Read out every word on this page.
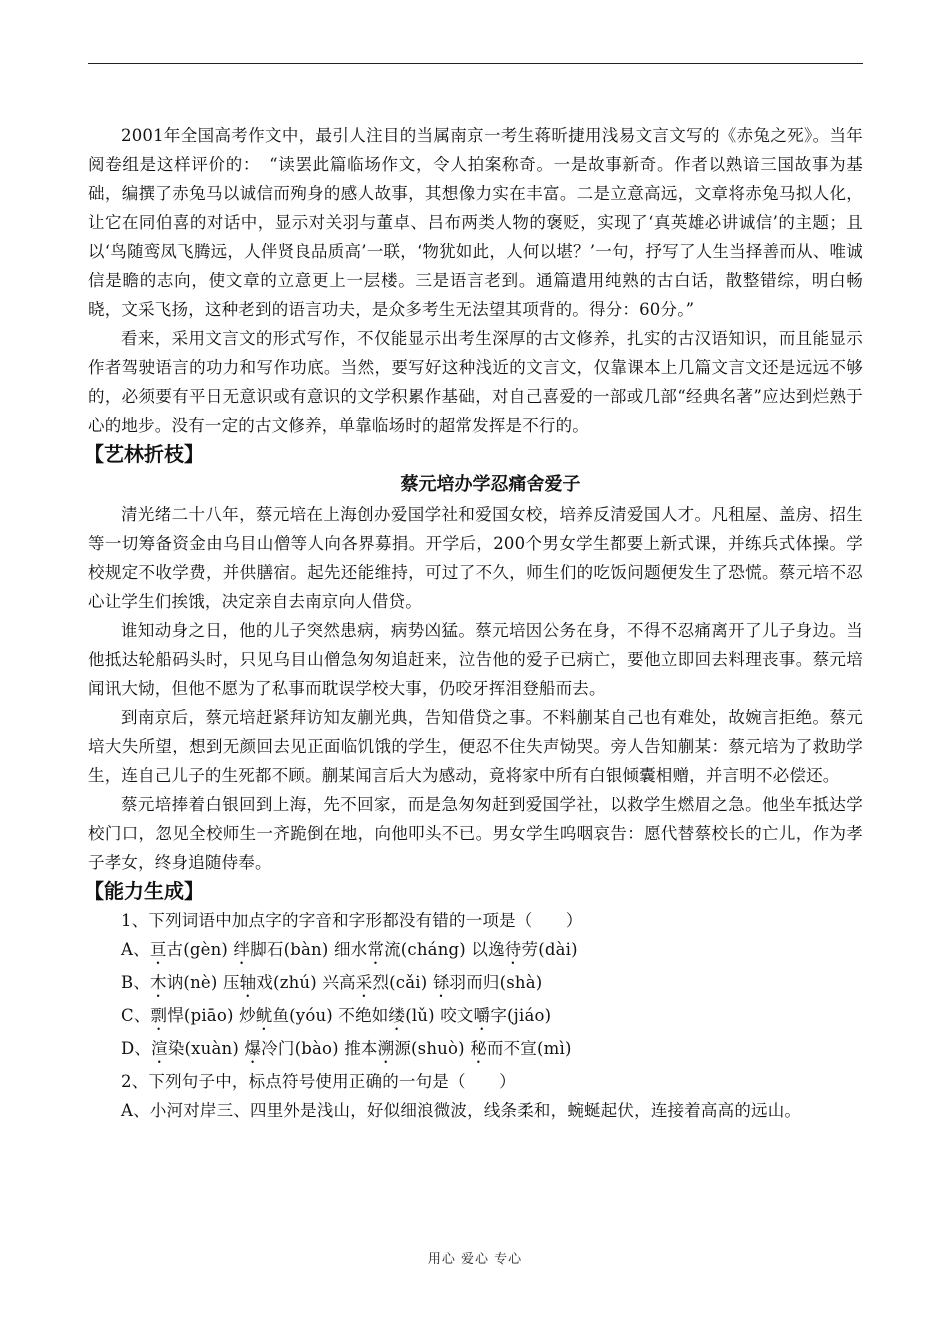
2001年全国高考作文中，最引人注目的当属南京一考生蒋昕捷用浅易文言文写的《赤兔之死》。当年阅卷组是这样评价的：　“读罢此篇临场作文，令人拍案称奇。一是故事新奇。作者以熟谙三国故事为基础，编撰了赤兔马以诚信而殉身的感人故事，其想像力实在丰富。二是立意高远，文章将赤兔马拟人化，让它在同伯喜的对话中，显示对关羽与董卓、吕布两类人物的褒贬，实现了‘真英雄必讲诚信’的主题；且以‘鸟随鸾凤飞腾远，人伴贤良品质高’一联，‘物犹如此，人何以堪？’一句，抒写了人生当择善而从、唯诚信是瞻的志向，使文章的立意更上一层楼。三是语言老到。通篇遣用纯熟的古白话，散整错综，明白畅晓，文采飞扬，这种老到的语言功夫，是众多考生无法望其项背的。得分：60分。”

看来，采用文言文的形式写作，不仅能显示出考生深厚的古文修养，扎实的古汉语知识，而且能显示作者驾驶语言的功力和写作功底。当然，要写好这种浅近的文言文，仅靠课本上几篇文言文还是远远不够的，必须要有平日无意识或有意识的文学积累作基础，对自己喜爱的一部或几部“经典名著”应达到烂熟于心的地步。没有一定的古文修养，单靠临场时的超常发挥是不行的。

【艺林折枝】
蔡元培办学忍痛舍爱子

清光绪二十八年，蔡元培在上海创办爱国学社和爱国女校，培养反清爱国人才。凡租屋、盖房、招生等一切筹备资金由乌目山僧等人向各界募捐。开学后，200个男女学生都要上新式课，并练兵式体操。学校规定不收学费，并供膳宿。起先还能维持，可过了不久，师生们的吃饭问题便发生了恐慌。蔡元培不忍心让学生们挨饿，决定亲自去南京向人借贷。

谁知动身之日，他的儿子突然患病，病势凶猛。蔡元培因公务在身，不得不忍痛离开了儿子身边。当他抵达轮船码头时，只见乌目山僧急匆匆追赶来，泣告他的爱子已病亡，要他立即回去料理丧事。蔡元培闻讯大恸，但他不愿为了私事而耽误学校大事，仍咬牙挥泪登船而去。

到南京后，蔡元培赶紧拜访知友蒯光典，告知借贷之事。不料蒯某自己也有难处，故婉言拒绝。蔡元培大失所望，想到无颜回去见正面临饥饿的学生，便忍不住失声恸哭。旁人告知蒯某：蔡元培为了救助学生，连自己儿子的生死都不顾。蒯某闻言后大为感动，竟将家中所有白银倾囊相赠，并言明不必偿还。

蔡元培捧着白银回到上海，先不回家，而是急匆匆赶到爱国学社，以救学生燃眉之急。他坐车抵达学校门口，忽见全校师生一齐跪倒在地，向他叩头不已。男女学生呜咽哀告：愿代替蔡校长的亡儿，作为孝子孝女，终身追随侍奉。

【能力生成】

1、下列词语中加点字的字音和字形都没有错的一项是（　　）

A、亘古(gèn) 绊脚石(bàn) 细水常流(cháng) 以逸待劳(dài)

B、木讷(nè) 压轴戏(zhú) 兴高采烈(cǎi) 铩羽而归(shà)

C、剽悍(piāo) 炒鱿鱼(yóu) 不绝如缕(lǔ) 咬文嚼字(jiáo)

D、渲染(xuàn) 爆冷门(bào) 推本溯源(shuò) 秘而不宣(mì)

2、下列句子中，标点符号使用正确的一句是（　　）

A、小河对岸三、四里外是浅山，好似细浪微波，线条柔和，蜿蜒起伏，连接着高高的远山。

用心 爱心 专心
